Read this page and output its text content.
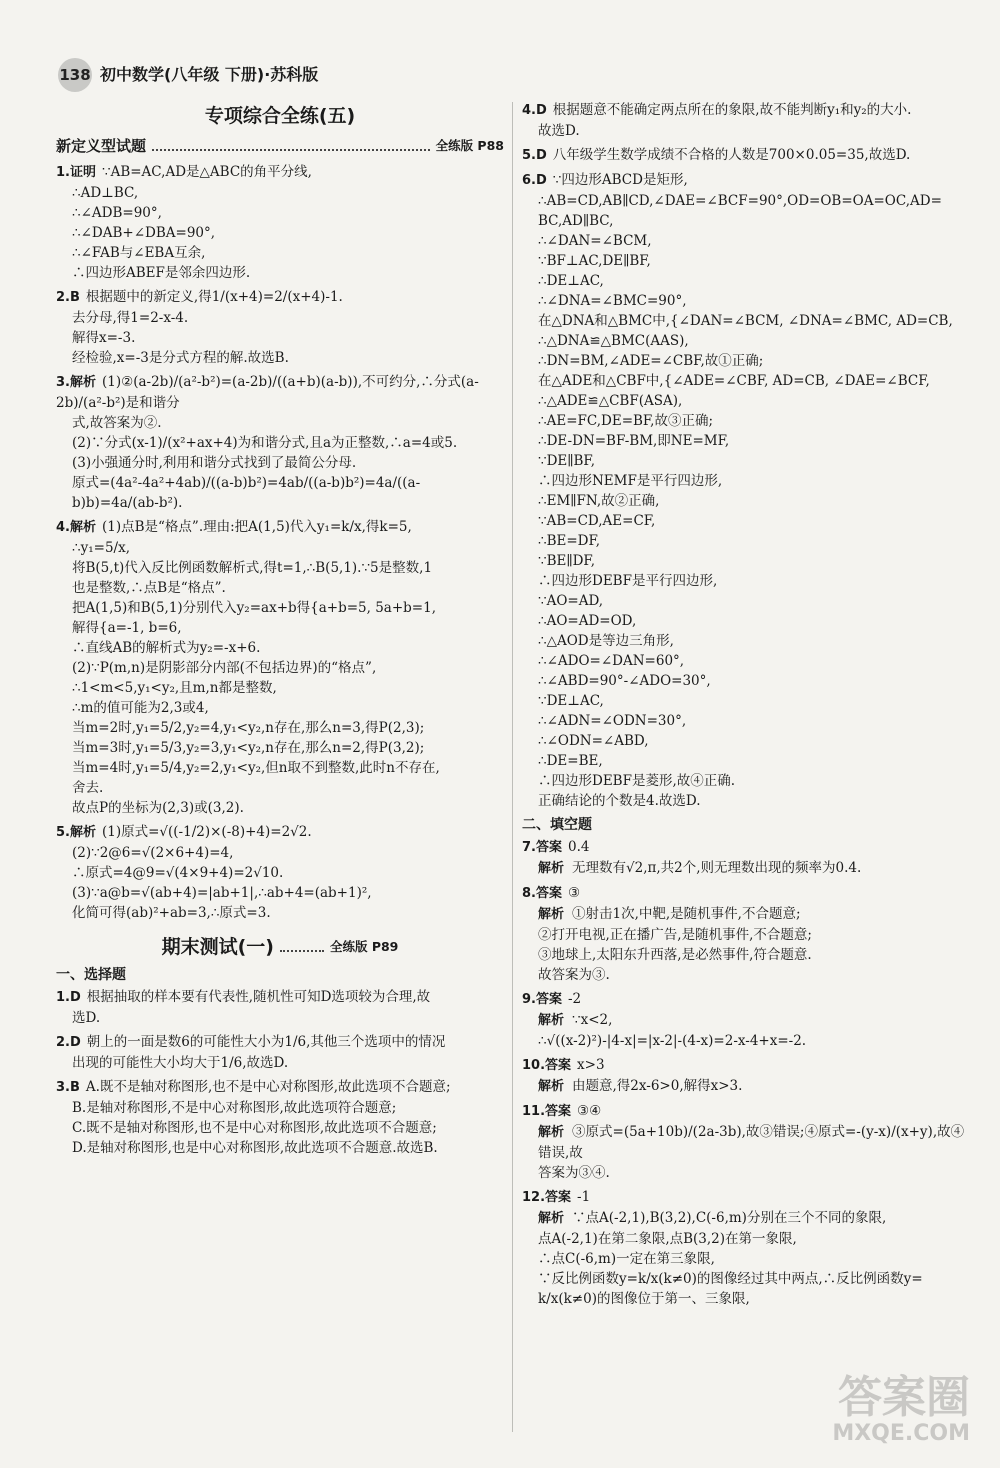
138 初中数学(八年级 下册)·苏科版
专项综合全练(五)
新定义型试题	全练版 P88
1.证明 ∵AB=AC,AD是△ABC的角平分线,
∴AD⊥BC,
∴∠ADB=90°,
∴∠DAB+∠DBA=90°,
∴∠FAB与∠EBA互余,
∴四边形ABEF是邻余四边形.
2.B 根据题中的新定义,得1/(x+4)=2/(x+4)-1.
去分母,得1=2-x-4.
解得x=-3.
经检验,x=-3是分式方程的解.故选B.
3.解析 (1)②(a-2b)/(a²-b²)=(a-2b)/((a+b)(a-b)),不可约分,∴分式(a-2b)/(a²-b²)是和谐分
式,故答案为②.
(2)∵分式(x-1)/(x²+ax+4)为和谐分式,且a为正整数,∴a=4或5.
(3)小强通分时,利用和谐分式找到了最简公分母.
原式=(4a²-4a²+4ab)/((a-b)b²)=4ab/((a-b)b²)=4a/((a-b)b)=4a/(ab-b²).
4.解析 (1)点B是“格点”.理由:把A(1,5)代入y₁=k/x,得k=5,
∴y₁=5/x,
将B(5,t)代入反比例函数解析式,得t=1,∴B(5,1).∵5是整数,1
也是整数,∴点B是“格点”.
把A(1,5)和B(5,1)分别代入y₂=ax+b得{a+b=5, 5a+b=1,
解得{a=-1, b=6,
∴直线AB的解析式为y₂=-x+6.
(2)∵P(m,n)是阴影部分内部(不包括边界)的“格点”,
∴1<m<5,y₁<y₂,且m,n都是整数,
∴m的值可能为2,3或4,
当m=2时,y₁=5/2,y₂=4,y₁<y₂,n存在,那么n=3,得P(2,3);
当m=3时,y₁=5/3,y₂=3,y₁<y₂,n存在,那么n=2,得P(3,2);
当m=4时,y₁=5/4,y₂=2,y₁<y₂,但n取不到整数,此时n不存在,
舍去.
故点P的坐标为(2,3)或(3,2).
5.解析 (1)原式=√((-1/2)×(-8)+4)=2√2.
(2)∵2@6=√(2×6+4)=4,
∴原式=4@9=√(4×9+4)=2√10.
(3)∵a@b=√(ab+4)=|ab+1|,∴ab+4=(ab+1)²,
化简可得(ab)²+ab=3,∴原式=3.
期末测试(一)	全练版 P89
一、选择题
1.D 根据抽取的样本要有代表性,随机性可知D选项较为合理,故
选D.
2.D 朝上的一面是数6的可能性大小为1/6,其他三个选项中的情况
出现的可能性大小均大于1/6,故选D.
3.B A.既不是轴对称图形,也不是中心对称图形,故此选项不合题意;
B.是轴对称图形,不是中心对称图形,故此选项符合题意;
C.既不是轴对称图形,也不是中心对称图形,故此选项不合题意;
D.是轴对称图形,也是中心对称图形,故此选项不合题意.故选B.
4.D 根据题意不能确定两点所在的象限,故不能判断y₁和y₂的大小.
故选D.
5.D 八年级学生数学成绩不合格的人数是700×0.05=35,故选D.
6.D ∵四边形ABCD是矩形,
∴AB=CD,AB∥CD,∠DAE=∠BCF=90°,OD=OB=OA=OC,AD=
BC,AD∥BC,
∴∠DAN=∠BCM,
∵BF⊥AC,DE∥BF,
∴DE⊥AC,
∴∠DNA=∠BMC=90°,
在△DNA和△BMC中,{∠DAN=∠BCM, ∠DNA=∠BMC, AD=CB,
∴△DNA≌△BMC(AAS),
∴DN=BM,∠ADE=∠CBF,故①正确;
在△ADE和△CBF中,{∠ADE=∠CBF, AD=CB, ∠DAE=∠BCF,
∴△ADE≌△CBF(ASA),
∴AE=FC,DE=BF,故③正确;
∴DE-DN=BF-BM,即NE=MF,
∵DE∥BF,
∴四边形NEMF是平行四边形,
∴EM∥FN,故②正确,
∵AB=CD,AE=CF,
∴BE=DF,
∵BE∥DF,
∴四边形DEBF是平行四边形,
∵AO=AD,
∴AO=AD=OD,
∴△AOD是等边三角形,
∴∠ADO=∠DAN=60°,
∴∠ABD=90°-∠ADO=30°,
∵DE⊥AC,
∴∠ADN=∠ODN=30°,
∴∠ODN=∠ABD,
∴DE=BE,
∴四边形DEBF是菱形,故④正确.
正确结论的个数是4.故选D.
二、填空题
7.答案 0.4
解析 无理数有√2,π,共2个,则无理数出现的频率为0.4.
8.答案 ③
解析 ①射击1次,中靶,是随机事件,不合题意;
②打开电视,正在播广告,是随机事件,不合题意;
③地球上,太阳东升西落,是必然事件,符合题意.
故答案为③.
9.答案 -2
解析 ∵x<2,
∴√((x-2)²)-|4-x|=|x-2|-(4-x)=2-x-4+x=-2.
10.答案 x>3
解析 由题意,得2x-6>0,解得x>3.
11.答案 ③④
解析 ③原式=(5a+10b)/(2a-3b),故③错误;④原式=-(y-x)/(x+y),故④错误,故
答案为③④.
12.答案 -1
解析 ∵点A(-2,1),B(3,2),C(-6,m)分别在三个不同的象限,
点A(-2,1)在第二象限,点B(3,2)在第一象限,
∴点C(-6,m)一定在第三象限,
∵反比例函数y=k/x(k≠0)的图像经过其中两点,∴反比例函数y=
k/x(k≠0)的图像位于第一、三象限,
答案圈
MXQE.COM
